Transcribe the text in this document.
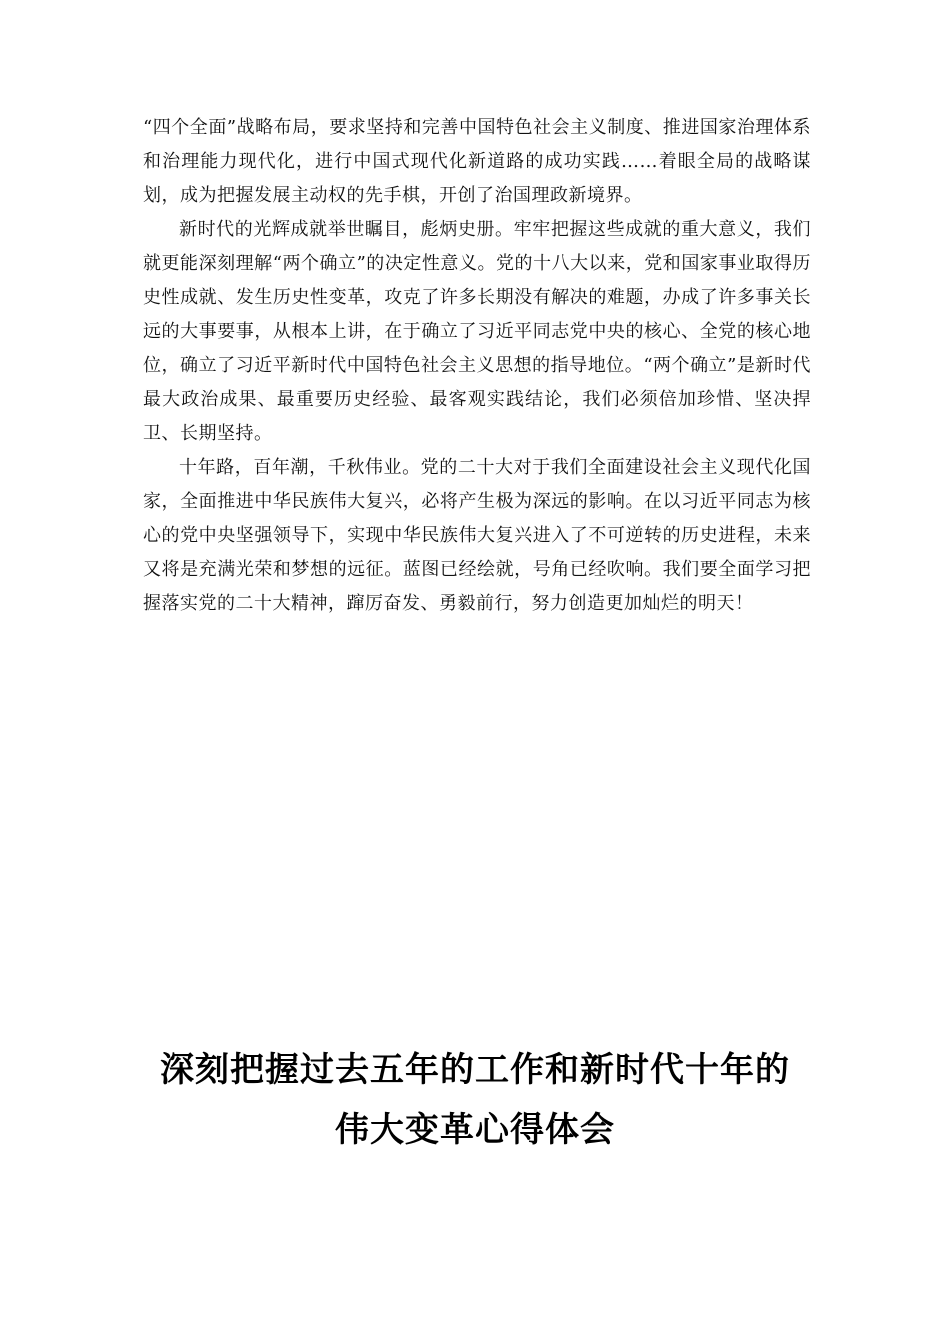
“四个全面”战略布局，要求坚持和完善中国特色社会主义制度、推进国家治理体系和治理能力现代化，进行中国式现代化新道路的成功实践……着眼全局的战略谋划，成为把握发展主动权的先手棋，开创了治国理政新境界。

新时代的光辉成就举世瞩目，彪炳史册。牢牢把握这些成就的重大意义，我们就更能深刻理解“两个确立”的决定性意义。党的十八大以来，党和国家事业取得历史性成就、发生历史性变革，攻克了许多长期没有解决的难题，办成了许多事关长远的大事要事，从根本上讲，在于确立了习近平同志党中央的核心、全党的核心地位，确立了习近平新时代中国特色社会主义思想的指导地位。“两个确立”是新时代最大政治成果、最重要历史经验、最客观实践结论，我们必须倍加珍惜、坚决捍卫、长期坚持。

十年路，百年潮，千秋伟业。党的二十大对于我们全面建设社会主义现代化国家，全面推进中华民族伟大复兴，必将产生极为深远的影响。在以习近平同志为核心的党中央坚强领导下，实现中华民族伟大复兴进入了不可逆转的历史进程，未来又将是充满光荣和梦想的远征。蓝图已经绘就，号角已经吹响。我们要全面学习把握落实党的二十大精神，蹿厉奋发、勇毅前行，努力创造更加灿烂的明天！

深刻把握过去五年的工作和新时代十年的
伟大变革心得体会
